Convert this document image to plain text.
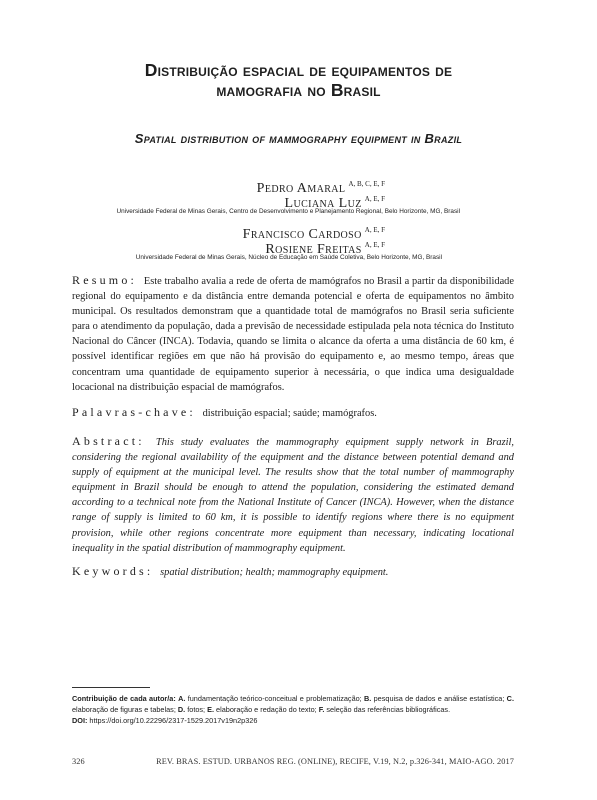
Distribuição espacial de equipamentos de mamografia no Brasil
Spatial distribution of mammography equipment in Brazil
Pedro Amaral $^{A, B, C, E, F}$
Luciana Luz $^{A, E, F}$
Universidade Federal de Minas Gerais, Centro de Desenvolvimento e Planejamento Regional, Belo Horizonte, MG, Brasil
Francisco Cardoso $^{A, E, F}$
Rosiene Freitas $^{A, E, F}$
Universidade Federal de Minas Gerais, Núcleo de Educação em Saúde Coletiva, Belo Horizonte, MG, Brasil
Resumo: Este trabalho avalia a rede de oferta de mamógrafos no Brasil a partir da disponibilidade regional do equipamento e da distância entre demanda potencial e oferta de equipamentos no âmbito municipal. Os resultados demonstram que a quantidade total de mamógrafos no Brasil seria suficiente para o atendimento da população, dada a previsão de necessidade estipulada pela nota técnica do Instituto Nacional do Câncer (INCA). Todavia, quando se limita o alcance da oferta a uma distância de 60 km, é possível identificar regiões em que não há provisão do equipamento e, ao mesmo tempo, áreas que concentram uma quantidade de equipamento superior à necessária, o que indica uma desigualdade locacional na distribuição espacial de mamógrafos.
Palavras-chave: distribuição espacial; saúde; mamógrafos.
Abstract: This study evaluates the mammography equipment supply network in Brazil, considering the regional availability of the equipment and the distance between potential demand and supply of equipment at the municipal level. The results show that the total number of mammography equipment in Brazil should be enough to attend the population, considering the estimated demand according to a technical note from the National Institute of Cancer (INCA). However, when the distance range of supply is limited to 60 km, it is possible to identify regions where there is no equipment provision, while other regions concentrate more equipment than necessary, indicating locational inequality in the spatial distribution of mammography equipment.
Keywords: spatial distribution; health; mammography equipment.
Contribuição de cada autor/a: A. fundamentação teórico-conceitual e problematização; B. pesquisa de dados e análise estatística; C. elaboração de figuras e tabelas; D. fotos; E. elaboração e redação do texto; F. seleção das referências bibliográficas.
DOI: https://doi.org/10.22296/2317-1529.2017v19n2p326
326	REV. BRAS. ESTUD. URBANOS REG. (ONLINE), RECIFE, V.19, N.2, p.326-341, MAIO-AGO. 2017
